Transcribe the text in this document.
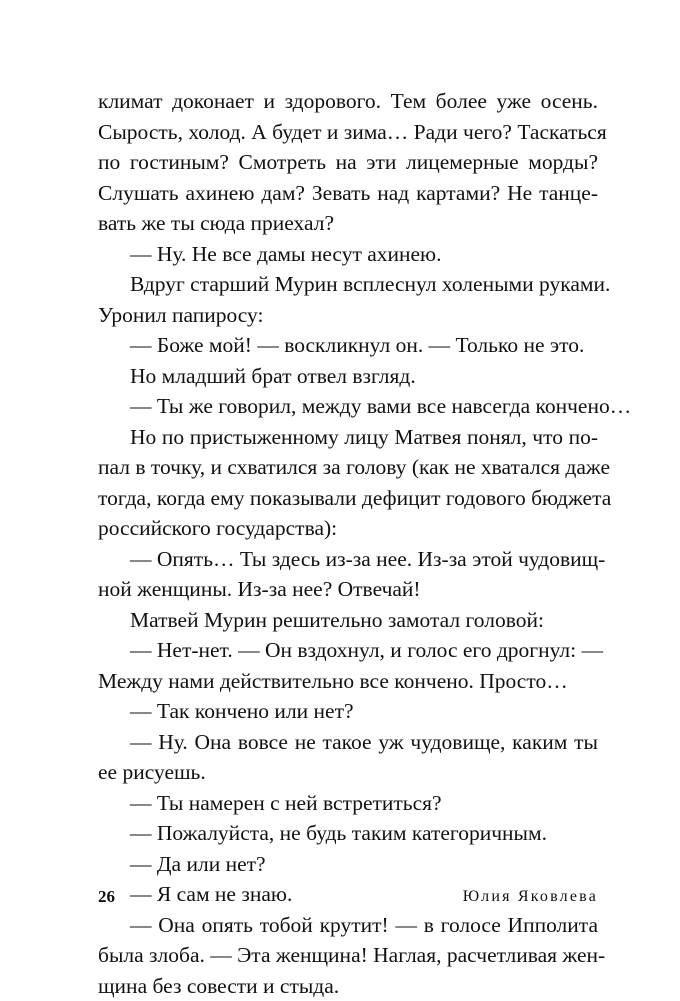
климат доконает и здорового. Тем более уже осень.
Сырость, холод. А будет и зима… Ради чего? Таскаться
по гостиным? Смотреть на эти лицемерные морды?
Слушать ахинею дам? Зевать над картами? Не танце-
вать же ты сюда приехал?
— Ну. Не все дамы несут ахинею.
Вдруг старший Мурин всплеснул холеными руками.
Уронил папиросу:
— Боже мой! — воскликнул он. — Только не это.
Но младший брат отвел взгляд.
— Ты же говорил, между вами все навсегда кончено…
Но по пристыженному лицу Матвея понял, что по-
пал в точку, и схватился за голову (как не хватался даже
тогда, когда ему показывали дефицит годового бюджета
российского государства):
— Опять… Ты здесь из-за нее. Из-за этой чудовищ-
ной женщины. Из-за нее? Отвечай!
Матвей Мурин решительно замотал головой:
— Нет-нет. — Он вздохнул, и голос его дрогнул: —
Между нами действительно все кончено. Просто…
— Так кончено или нет?
— Ну. Она вовсе не такое уж чудовище, каким ты
ее рисуешь.
— Ты намерен с ней встретиться?
— Пожалуйста, не будь таким категоричным.
— Да или нет?
— Я сам не знаю.
— Она опять тобой крутит! — в голосе Ипполита
была злоба. — Эта женщина! Наглая, расчетливая жен-
щина без совести и стыда.
26	Юлия Яковлева
